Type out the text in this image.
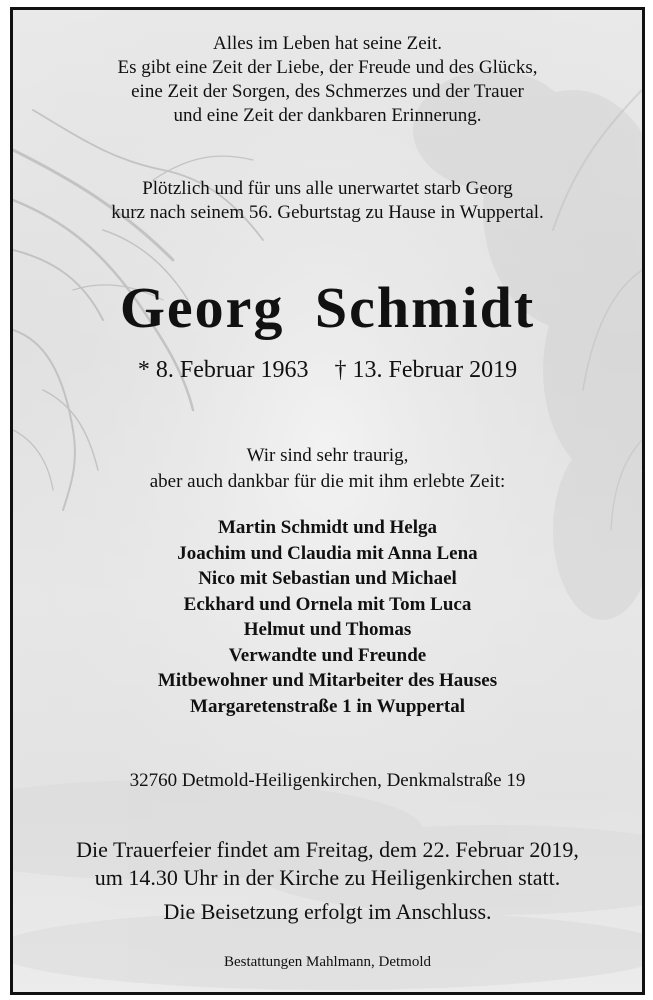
Alles im Leben hat seine Zeit.
Es gibt eine Zeit der Liebe, der Freude und des Glücks,
eine Zeit der Sorgen, des Schmerzes und der Trauer
und eine Zeit der dankbaren Erinnerung.
Plötzlich und für uns alle unerwartet starb Georg
kurz nach seinem 56. Geburtstag zu Hause in Wuppertal.
Georg Schmidt
* 8. Februar 1963 † 13. Februar 2019
Wir sind sehr traurig,
aber auch dankbar für die mit ihm erlebte Zeit:
Martin Schmidt und Helga
Joachim und Claudia mit Anna Lena
Nico mit Sebastian und Michael
Eckhard und Ornela mit Tom Luca
Helmut und Thomas
Verwandte und Freunde
Mitbewohner und Mitarbeiter des Hauses
Margaretenstraße 1 in Wuppertal
32760 Detmold-Heiligenkirchen, Denkmalstraße 19
Die Trauerfeier findet am Freitag, dem 22. Februar 2019,
um 14.30 Uhr in der Kirche zu Heiligenkirchen statt.
Die Beisetzung erfolgt im Anschluss.
Bestattungen Mahlmann, Detmold
